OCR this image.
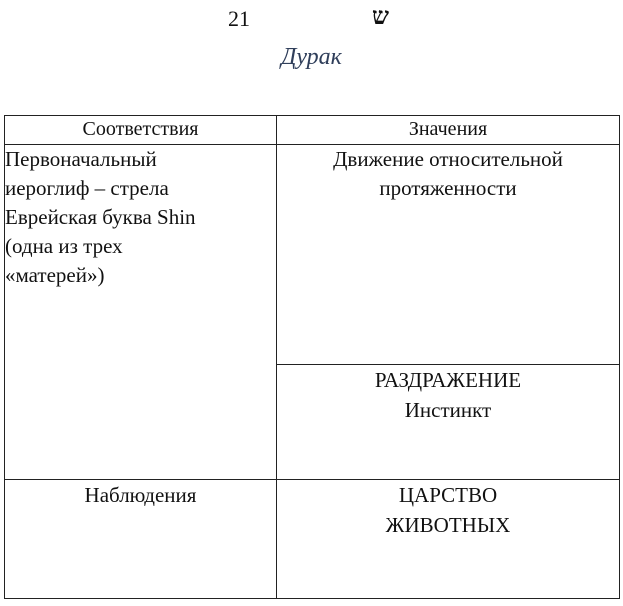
21	ש
Дурак
Соответствия	Значения

Первоначальный
иероглиф – стрела
Еврейская буква Shin
(одна из трех
«матерей»)	Движение относительной
протяженности

	РАЗДРАЖЕНИЕ
Инстинкт

Наблюдения	ЦАРСТВО
ЖИВОТНЫХ
